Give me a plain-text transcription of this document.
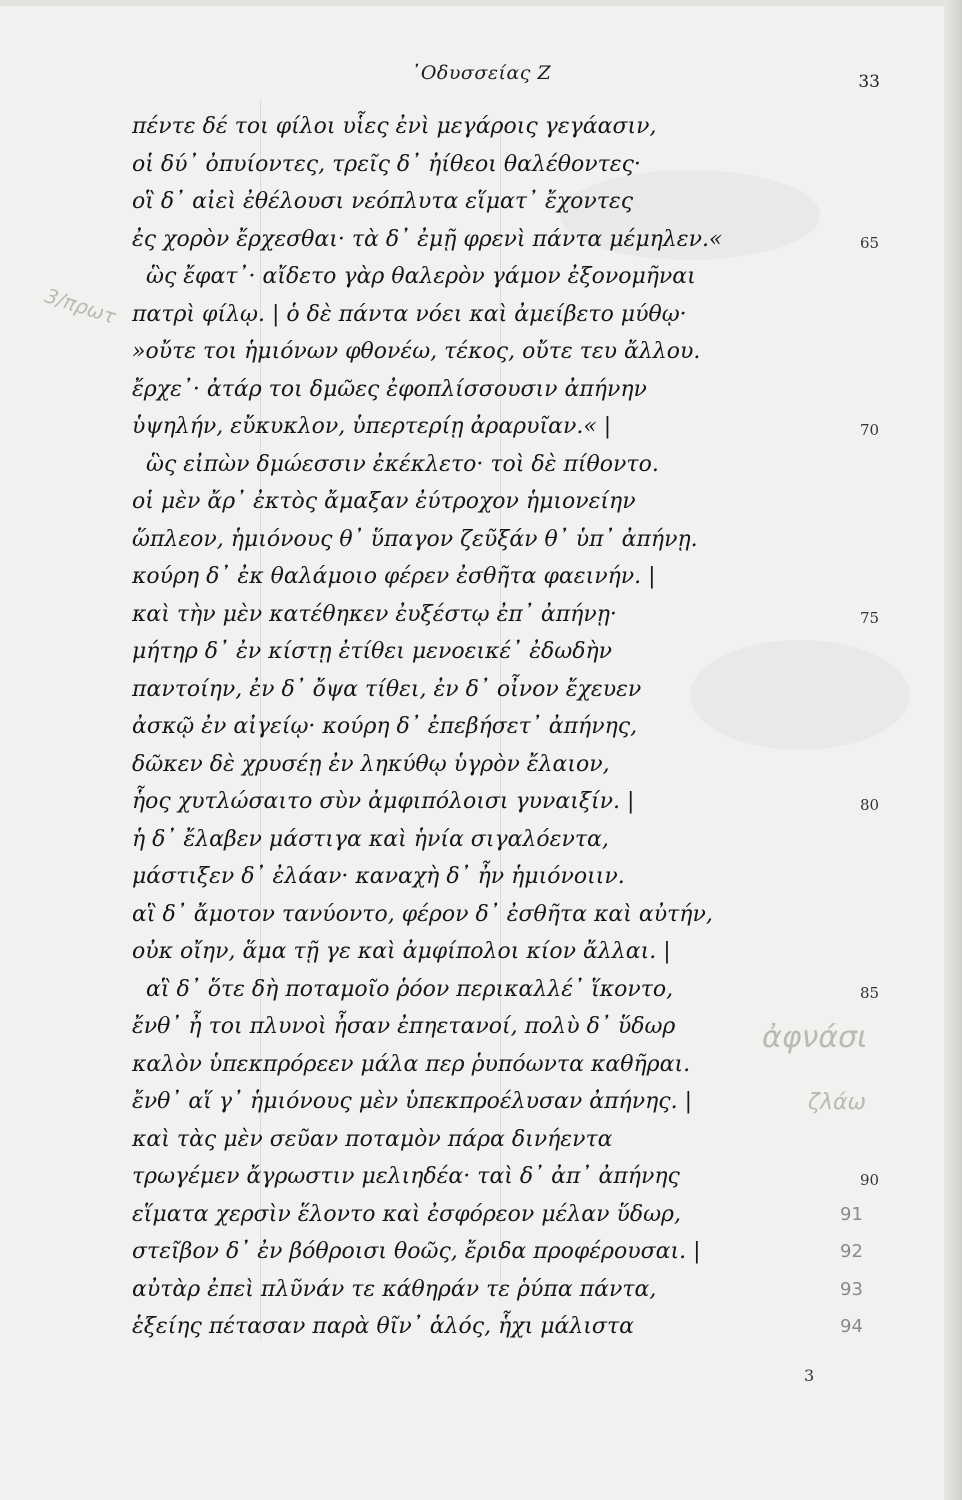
3/πρωτ
ἀφνάσι
ζλάω
᾿Οδυσσείας Ζ	33
πέντε δέ τοι φίλοι υἷες ἐνὶ μεγάροις γεγάασιν,
οἱ δύ᾿ ὀπυίοντες, τρεῖς δ᾿ ἠίθεοι θαλέθοντες·
οἳ δ᾿ αἰεὶ ἐθέλουσι νεόπλυτα εἵματ᾿ ἔχοντες
ἐς χορὸν ἔρχεσθαι· τὰ δ᾿ ἐμῇ φρενὶ πάντα μέμηλεν.«	65
ὣς ἔφατ᾿· αἴδετο γὰρ θαλερὸν γάμον ἐξονομῆναι
πατρὶ φίλῳ. | ὁ δὲ πάντα νόει καὶ ἀμείβετο μύθῳ·
»οὔτε τοι ἡμιόνων φθονέω, τέκος, οὔτε τευ ἄλλου.
ἔρχε᾿· ἀτάρ τοι δμῶες ἐφοπλίσσουσιν ἀπήνην
ὑψηλήν, εὔκυκλον, ὑπερτερίῃ ἀραρυῖαν.« |	70
ὣς εἰπὼν δμώεσσιν ἐκέκλετο· τοὶ δὲ πίθοντο.
οἱ μὲν ἄρ᾿ ἐκτὸς ἄμαξαν ἐύτροχον ἡμιονείην
ὥπλεον, ἡμιόνους θ᾿ ὕπαγον ζεῦξάν θ᾿ ὑπ᾿ ἀπήνῃ.
κούρη δ᾿ ἐκ θαλάμοιο φέρεν ἐσθῆτα φαεινήν. |
καὶ τὴν μὲν κατέθηκεν ἐυξέστῳ ἐπ᾿ ἀπήνῃ·	75
μήτηρ δ᾿ ἐν κίστῃ ἐτίθει μενοεικέ᾿ ἐδωδὴν
παντοίην, ἐν δ᾿ ὄψα τίθει, ἐν δ᾿ οἶνον ἔχευεν
ἀσκῷ ἐν αἰγείῳ· κούρη δ᾿ ἐπεβήσετ᾿ ἀπήνης,
δῶκεν δὲ χρυσέῃ ἐν ληκύθῳ ὑγρὸν ἔλαιον,
ἧος χυτλώσαιτο σὺν ἀμφιπόλοισι γυναιξίν. |	80
ἡ δ᾿ ἔλαβεν μάστιγα καὶ ἡνία σιγαλόεντα,
μάστιξεν δ᾿ ἐλάαν· καναχὴ δ᾿ ἦν ἡμιόνοιιν.
αἳ δ᾿ ἄμοτον τανύοντο, φέρον δ᾿ ἐσθῆτα καὶ αὐτήν,
οὐκ οἴην, ἅμα τῇ γε καὶ ἀμφίπολοι κίον ἄλλαι. |
αἳ δ᾿ ὅτε δὴ ποταμοῖο ῥόον περικαλλέ᾿ ἵκοντο,	85
ἔνθ᾿ ἦ τοι πλυνοὶ ἦσαν ἐπηετανοί, πολὺ δ᾿ ὕδωρ
καλὸν ὑπεκπρόρεεν μάλα περ ῥυπόωντα καθῆραι.
ἔνθ᾿ αἵ γ᾿ ἡμιόνους μὲν ὑπεκπροέλυσαν ἀπήνης. |
καὶ τὰς μὲν σεῦαν ποταμὸν πάρα δινήεντα
τρωγέμεν ἄγρωστιν μελιηδέα· ταὶ δ᾿ ἀπ᾿ ἀπήνης	90
εἵματα χερσὶν ἕλοντο καὶ ἐσφόρεον μέλαν ὕδωρ,	91
στεῖβον δ᾿ ἐν βόθροισι θοῶς, ἔριδα προφέρουσαι. |	92
αὐτὰρ ἐπεὶ πλῦνάν τε κάθηράν τε ῥύπα πάντα,	93
ἑξείης πέτασαν παρὰ θῖν᾿ ἁλός, ἧχι μάλιστα	94
3
